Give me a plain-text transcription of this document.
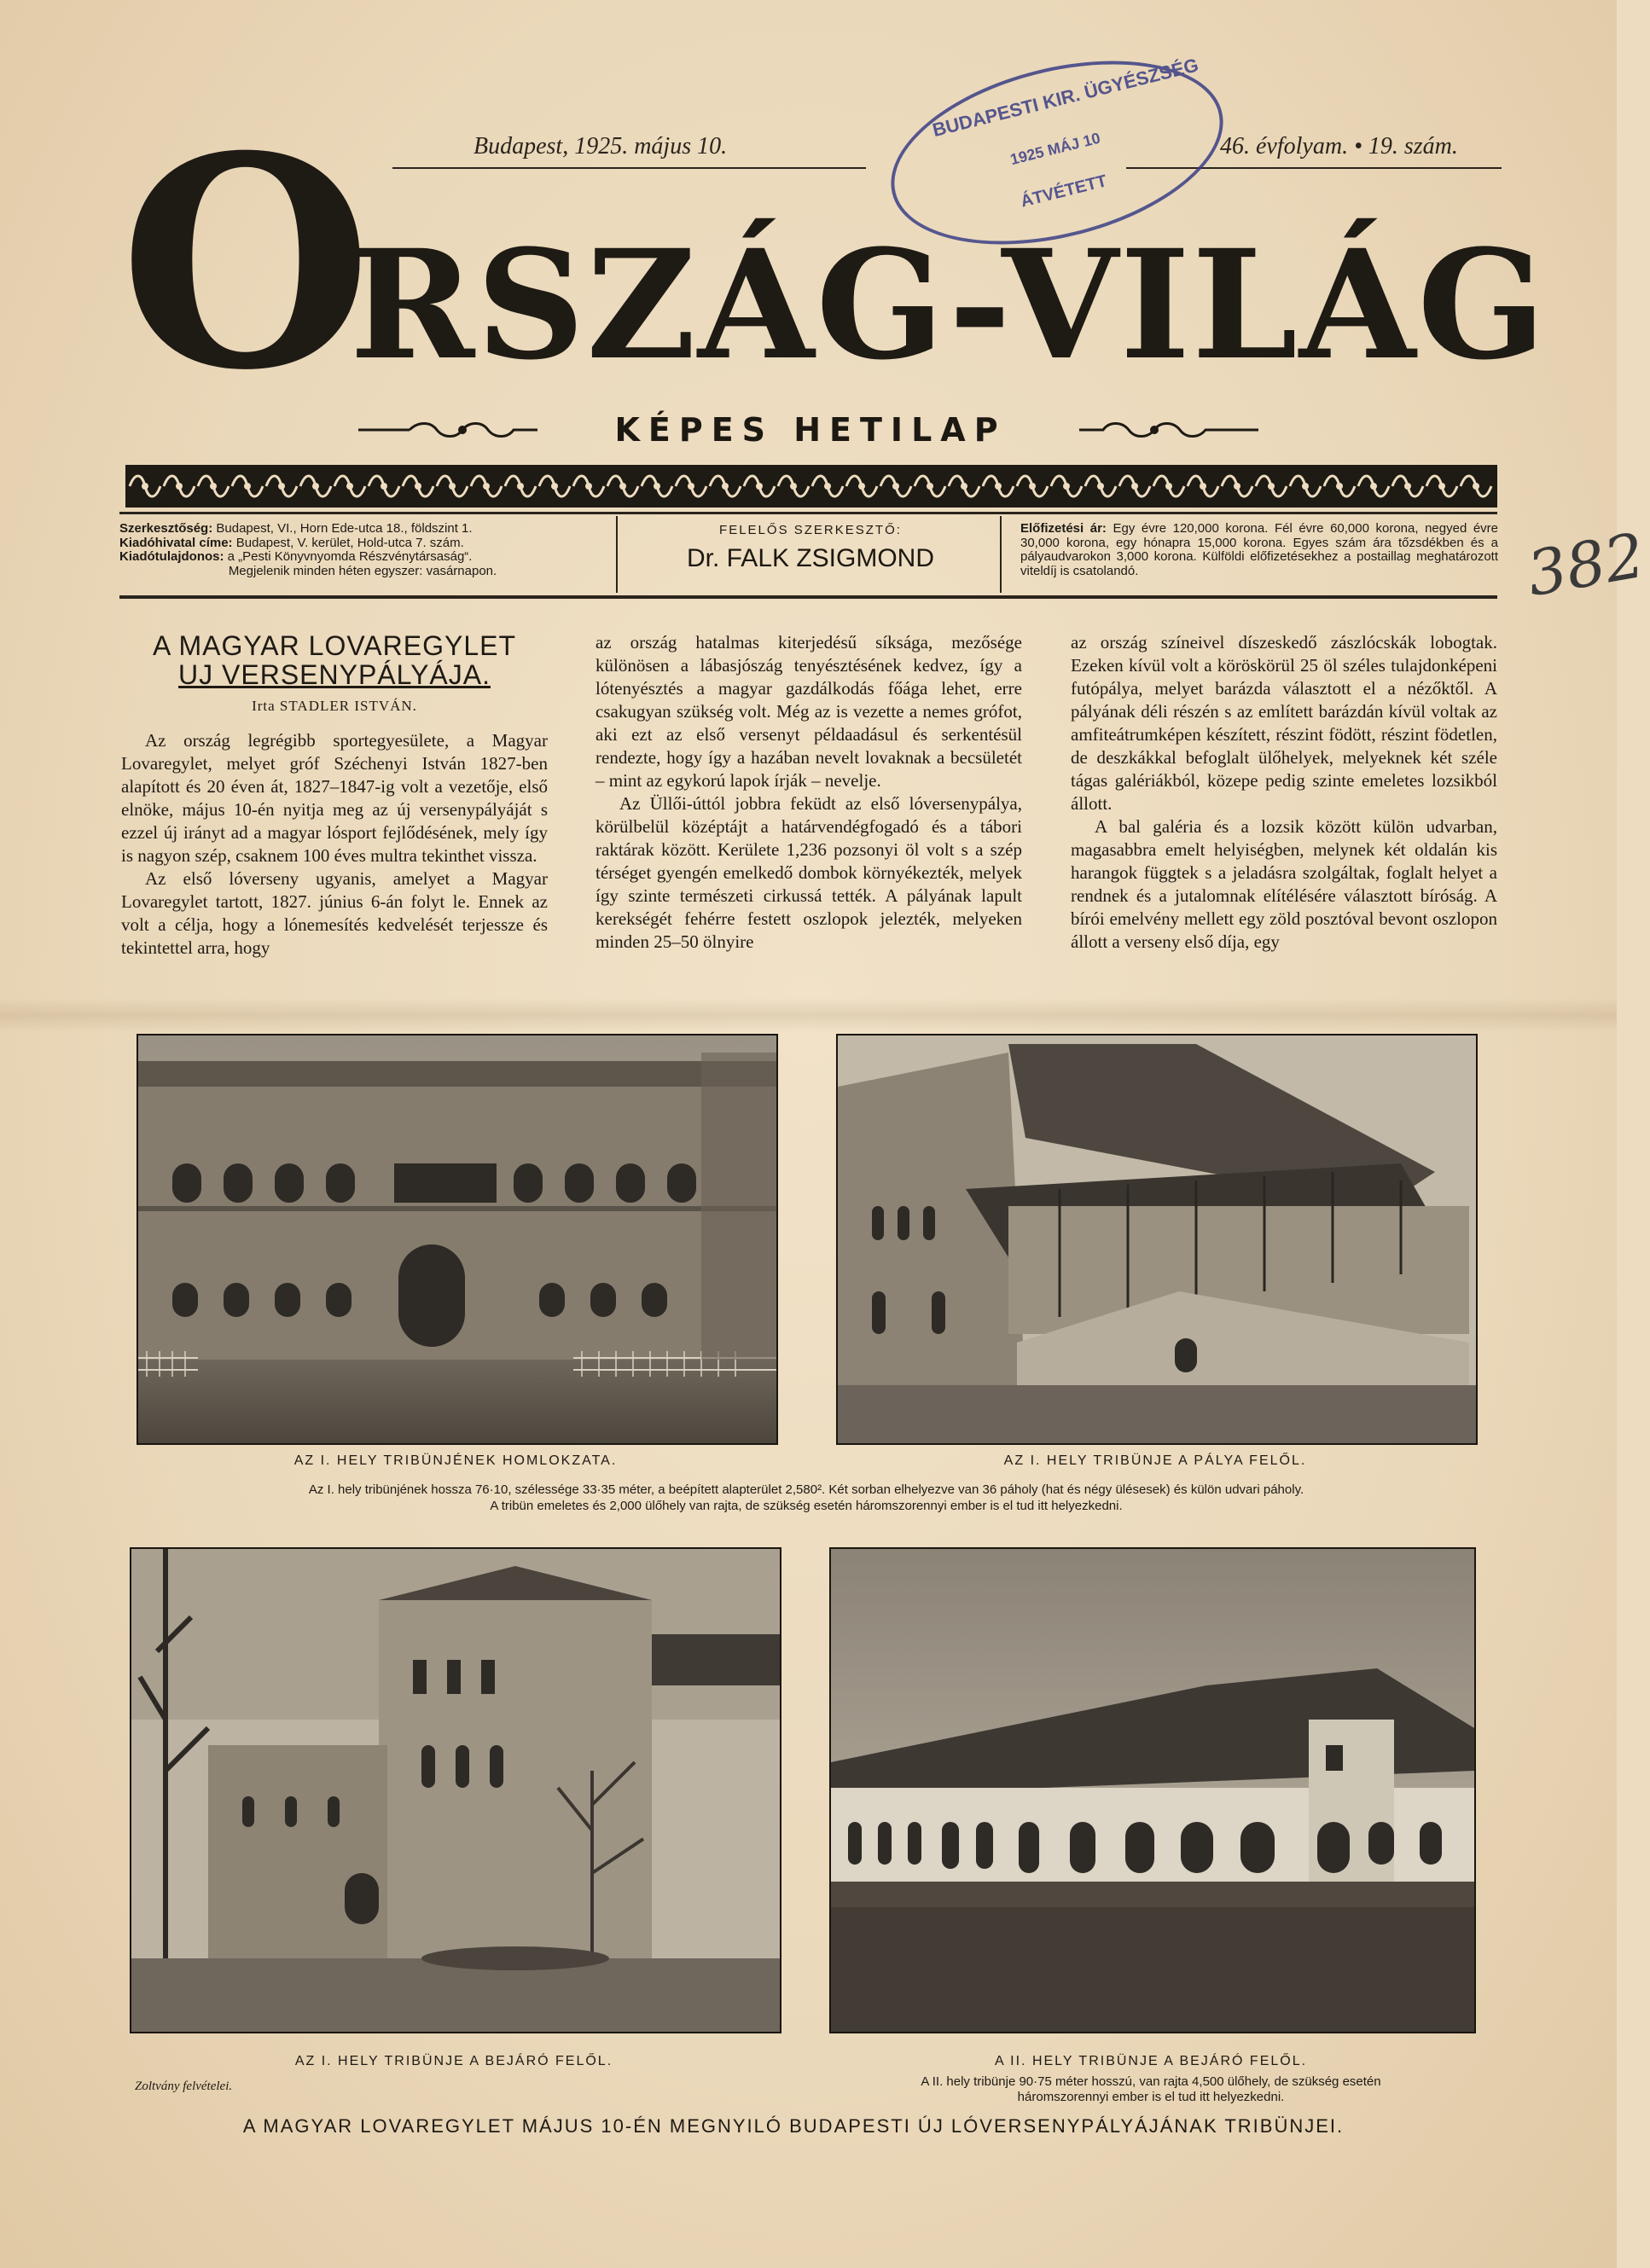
Budapest, 1925. május 10.	46. évfolyam. • 19. szám.
O
RSZÁG-VILÁG
BUDAPESTI KIR. ÜGYÉSZSÉG
1925 MÁJ 10
ÁTVÉTETT
382
KÉPES HETILAP
Szerkesztőség: Budapest, VI., Horn Ede-utca 18., földszint 1.
Kiadóhivatal címe: Budapest, V. kerület, Hold-utca 7. szám.
Kiadótulajdonos: a „Pesti Könyvnyomda Részvénytársaság“.
Megjelenik minden héten egyszer: vasárnapon.
FELELŐS SZERKESZTŐ:
Dr. FALK ZSIGMOND
Előfizetési ár: Egy évre 120,000 korona. Fél évre 60,000 korona, negyed évre 30,000 korona, egy hónapra 15,000 korona. Egyes szám ára tőzsdékben és a pályaudvarokon 3,000 korona. Külföldi előfizetésekhez a postaillag meghatározott viteldíj is csatolandó.
A MAGYAR LOVAREGYLET
UJ VERSENYPÁLYÁJA.
Irta STADLER ISTVÁN.

Az ország legrégibb sportegyesülete, a Magyar Lovaregylet, melyet gróf Széchenyi István 1827-ben alapított és 20 éven át, 1827–1847-ig volt a vezetője, első elnöke, május 10-én nyitja meg az új versenypályáját s ezzel új irányt ad a magyar lósport fejlődésének, mely így is nagyon szép, csaknem 100 éves multra tekinthet vissza.

Az első lóverseny ugyanis, amelyet a Magyar Lovaregylet tartott, 1827. június 6-án folyt le. Ennek az volt a célja, hogy a lónemesítés kedvelését terjessze és tekintettel arra, hogy

az ország hatalmas kiterjedésű síksága, mezősége különösen a lábasjószág tenyésztésének kedvez, így a lótenyésztés a magyar gazdálkodás főága lehet, erre csakugyan szükség volt. Még az is vezette a nemes grófot, aki ezt az első versenyt példaadásul és serkentésül rendezte, hogy így a hazában nevelt lovaknak a becsületét – mint az egykorú lapok írják – nevelje.

Az Üllői-úttól jobbra feküdt az első lóversenypálya, körülbelül középtájt a határvendégfogadó és a tábori raktárak között. Kerülete 1,236 pozsonyi öl volt s a szép térséget gyengén emelkedő dombok környékezték, melyek így szinte természeti cirkussá tették. A pályának lapult kerekségét fehérre festett oszlopok jelezték, melyeken minden 25–50 ölnyire

az ország színeivel díszeskedő zászlócskák lobogtak. Ezeken kívül volt a köröskörül 25 öl széles tulajdonképeni futópálya, melyet barázda választott el a nézőktől. A pályának déli részén s az említett barázdán kívül voltak az amfiteátrumképen készített, részint födött, részint födetlen, de deszkákkal befoglalt ülőhelyek, melyeknek két széle tágas galériákból, közepe pedig szinte emeletes lozsikból állott.

A bal galéria és a lozsik között külön udvarban, magasabbra emelt helyiségben, melynek két oldalán kis harangok függtek s a jeladásra szolgáltak, foglalt helyet a rendnek és a jutalomnak elítélésére választott bíróság. A bírói emelvény mellett egy zöld posztóval bevont oszlopon állott a verseny első díja, egy

AZ I. HELY TRIBÜNJÉNEK HOMLOKZATA.	AZ I. HELY TRIBÜNJE A PÁLYA FELŐL.
Az I. hely tribünjének hossza 76·10, szélessége 33·35 méter, a beépített alapterület 2,580². Két sorban elhelyezve van 36 páholy (hat és négy ülésesek) és külön udvari páholy.
A tribün emeletes és 2,000 ülőhely van rajta, de szükség esetén háromszorennyi ember is el tud itt helyezkedni.
AZ I. HELY TRIBÜNJE A BEJÁRÓ FELŐL.	A II. HELY TRIBÜNJE A BEJÁRÓ FELŐL.
Zoltvány felvételei.	A II. hely tribünje 90·75 méter hosszú, van rajta 4,500 ülőhely, de szükség esetén
háromszorennyi ember is el tud itt helyezkedni.
A MAGYAR LOVAREGYLET MÁJUS 10-ÉN MEGNYILÓ BUDAPESTI ÚJ LÓVERSENYPÁLYÁJÁNAK TRIBÜNJEI.
